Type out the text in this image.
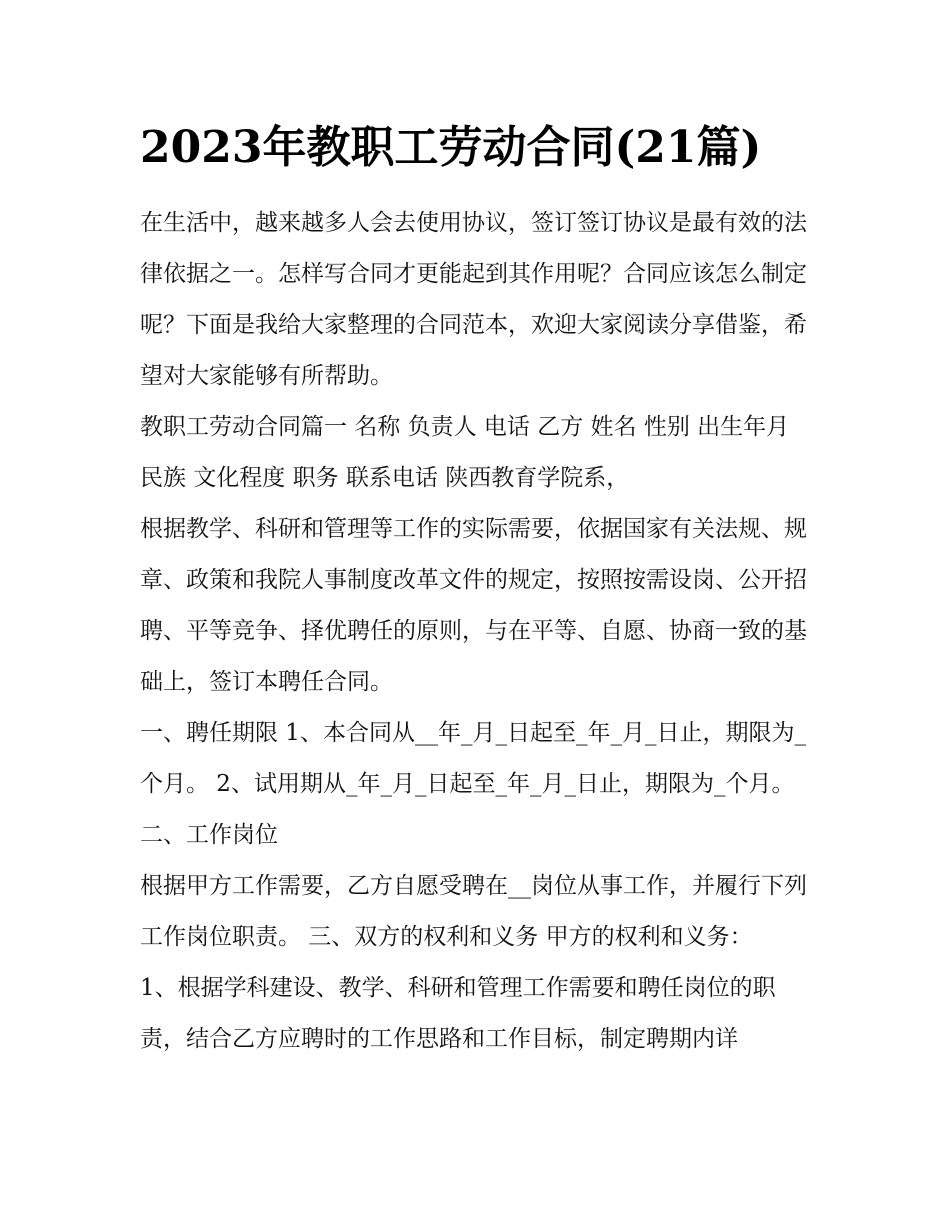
2023年教职工劳动合同(21篇)

在生活中，越来越多人会去使用协议，签订签订协议是最有效的法律依据之一。怎样写合同才更能起到其作用呢？合同应该怎么制定呢？下面是我给大家整理的合同范本，欢迎大家阅读分享借鉴，希望对大家能够有所帮助。

教职工劳动合同篇一 名称 负责人 电话 乙方 姓名 性别 出生年月 民族 文化程度 职务 联系电话 陕西教育学院系，

根据教学、科研和管理等工作的实际需要，依据国家有关法规、规章、政策和我院人事制度改革文件的规定，按照按需设岗、公开招聘、平等竞争、择优聘任的原则，与在平等、自愿、协商一致的基础上，签订本聘任合同。

一、聘任期限 1、本合同从__年_月_日起至_年_月_日止，期限为_个月。 2、试用期从_年_月_日起至_年_月_日止，期限为_个月。 二、工作岗位

根据甲方工作需要，乙方自愿受聘在__岗位从事工作，并履行下列工作岗位职责。 三、双方的权利和义务 甲方的权利和义务：

1、根据学科建设、教学、科研和管理工作需要和聘任岗位的职责，结合乙方应聘时的工作思路和工作目标，制定聘期内详
